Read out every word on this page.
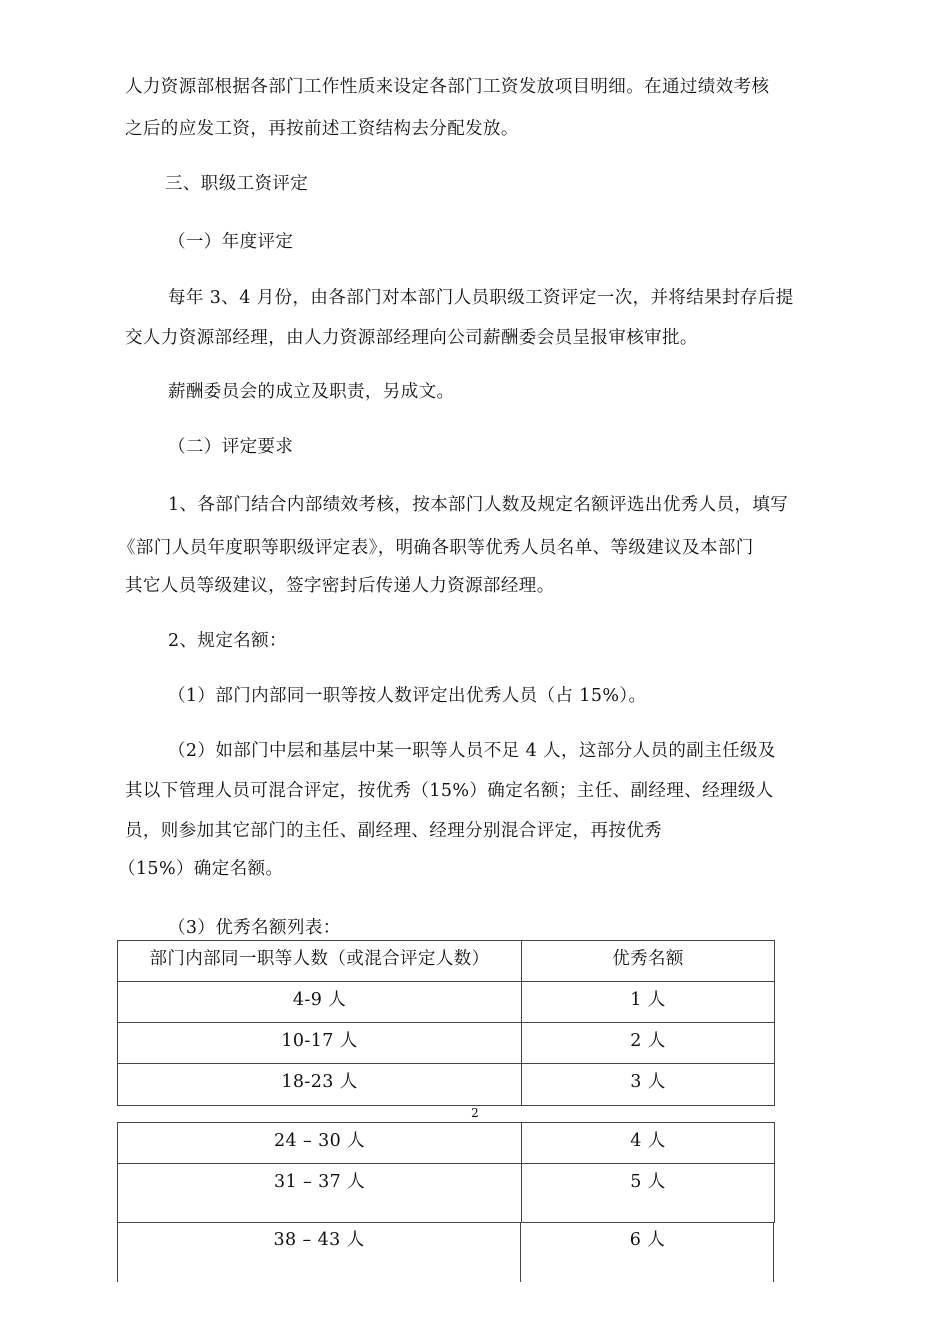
人力资源部根据各部门工作性质来设定各部门工资发放项目明细。在通过绩效考核
之后的应发工资，再按前述工资结构去分配发放。
三、职级工资评定
（一）年度评定
每年 3、4 月份，由各部门对本部门人员职级工资评定一次，并将结果封存后提
交人力资源部经理，由人力资源部经理向公司薪酬委会员呈报审核审批。
薪酬委员会的成立及职责，另成文。
（二）评定要求
1、各部门结合内部绩效考核，按本部门人数及规定名额评选出优秀人员，填写
《部门人员年度职等职级评定表》，明确各职等优秀人员名单、等级建议及本部门
其它人员等级建议，签字密封后传递人力资源部经理。
2、规定名额：
（1）部门内部同一职等按人数评定出优秀人员（占 15%）。
（2）如部门中层和基层中某一职等人员不足 4 人，这部分人员的副主任级及
其以下管理人员可混合评定，按优秀（15%）确定名额；主任、副经理、经理级人
员，则参加其它部门的主任、副经理、经理分别混合评定，再按优秀
（15%）确定名额。
（3）优秀名额列表：
部门内部同一职等人数（或混合评定人数）	优秀名额
4-9 人	1 人
10-17 人	2 人
18-23 人	3 人
2
24 – 30 人	4 人
31 – 37 人	5 人
38 – 43 人	6 人
